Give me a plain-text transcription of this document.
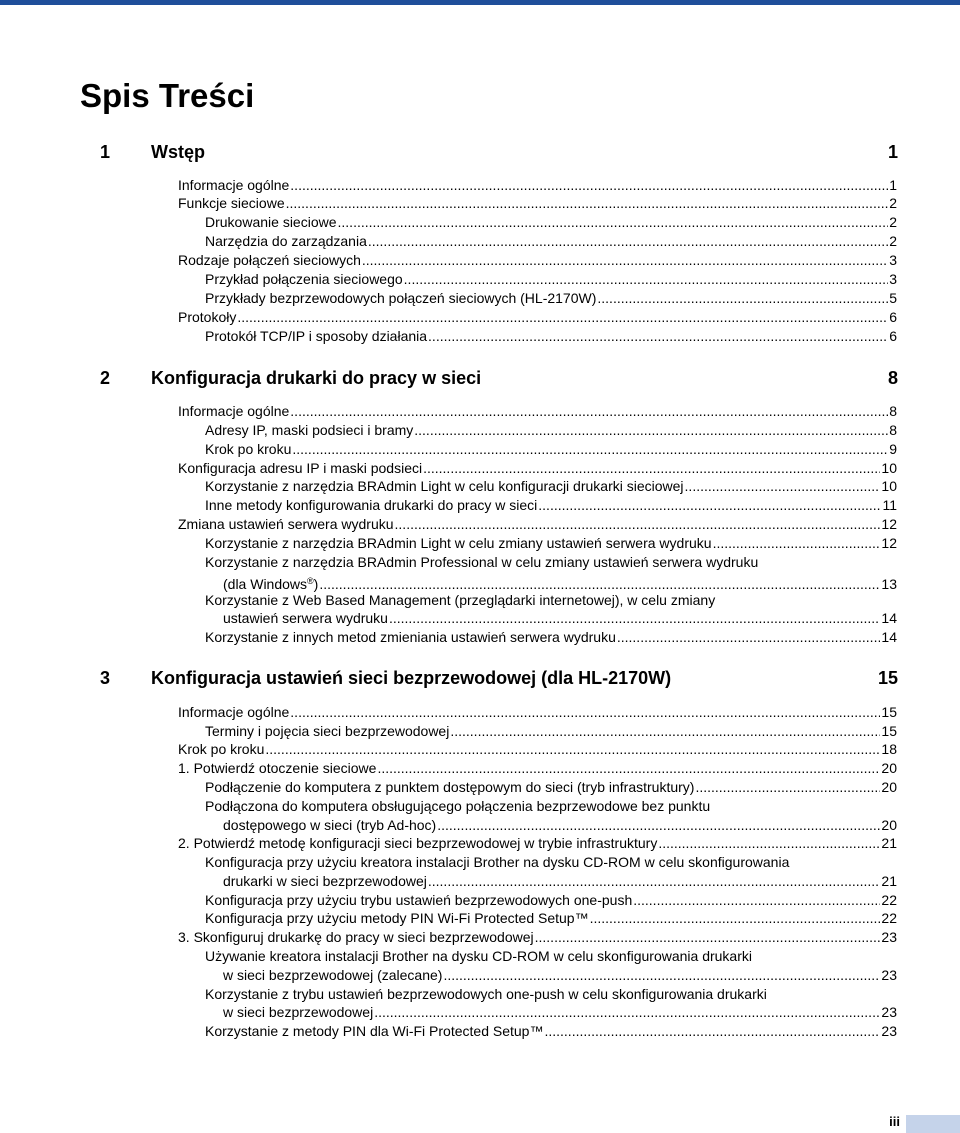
Spis Treści
1	Wstęp	1
Informacje ogólne .....	1
Funkcje sieciowe .....	2
Drukowanie sieciowe .....	2
Narzędzia do zarządzania .....	2
Rodzaje połączeń sieciowych .....	3
Przykład połączenia sieciowego .....	3
Przykłady bezprzewodowych połączeń sieciowych (HL-2170W) .....	5
Protokoły .....	6
Protokół TCP/IP i sposoby działania .....	6
2	Konfiguracja drukarki do pracy w sieci	8
Informacje ogólne .....	8
Adresy IP, maski podsieci i bramy .....	8
Krok po kroku .....	9
Konfiguracja adresu IP i maski podsieci .....	10
Korzystanie z narzędzia BRAdmin Light w celu konfiguracji drukarki sieciowej .....	10
Inne metody konfigurowania drukarki do pracy w sieci .....	11
Zmiana ustawień serwera wydruku .....	12
Korzystanie z narzędzia BRAdmin Light w celu zmiany ustawień serwera wydruku .....	12
Korzystanie z narzędzia BRAdmin Professional w celu zmiany ustawień serwera wydruku
(dla Windows®) .....	13
Korzystanie z Web Based Management (przeglądarki internetowej), w celu zmiany
ustawień serwera wydruku .....	14
Korzystanie z innych metod zmieniania ustawień serwera wydruku .....	14
3	Konfiguracja ustawień sieci bezprzewodowej (dla HL-2170W)	15
Informacje ogólne .....	15
Terminy i pojęcia sieci bezprzewodowej .....	15
Krok po kroku .....	18
1. Potwierdź otoczenie sieciowe .....	20
Podłączenie do komputera z punktem dostępowym do sieci (tryb infrastruktury) .....	20
Podłączona do komputera obsługującego połączenia bezprzewodowe bez punktu
dostępowego w sieci (tryb Ad-hoc) .....	20
2. Potwierdź metodę konfiguracji sieci bezprzewodowej w trybie infrastruktury .....	21
Konfiguracja przy użyciu kreatora instalacji Brother na dysku CD-ROM w celu skonfigurowania
drukarki w sieci bezprzewodowej .....	21
Konfiguracja przy użyciu trybu ustawień bezprzewodowych one-push .....	22
Konfiguracja przy użyciu metody PIN Wi-Fi Protected Setup™ .....	22
3. Skonfiguruj drukarkę do pracy w sieci bezprzewodowej .....	23
Używanie kreatora instalacji Brother na dysku CD-ROM w celu skonfigurowania drukarki
w sieci bezprzewodowej (zalecane) .....	23
Korzystanie z trybu ustawień bezprzewodowych one-push w celu skonfigurowania drukarki
w sieci bezprzewodowej .....	23
Korzystanie z metody PIN dla Wi-Fi Protected Setup™ .....	23
iii
